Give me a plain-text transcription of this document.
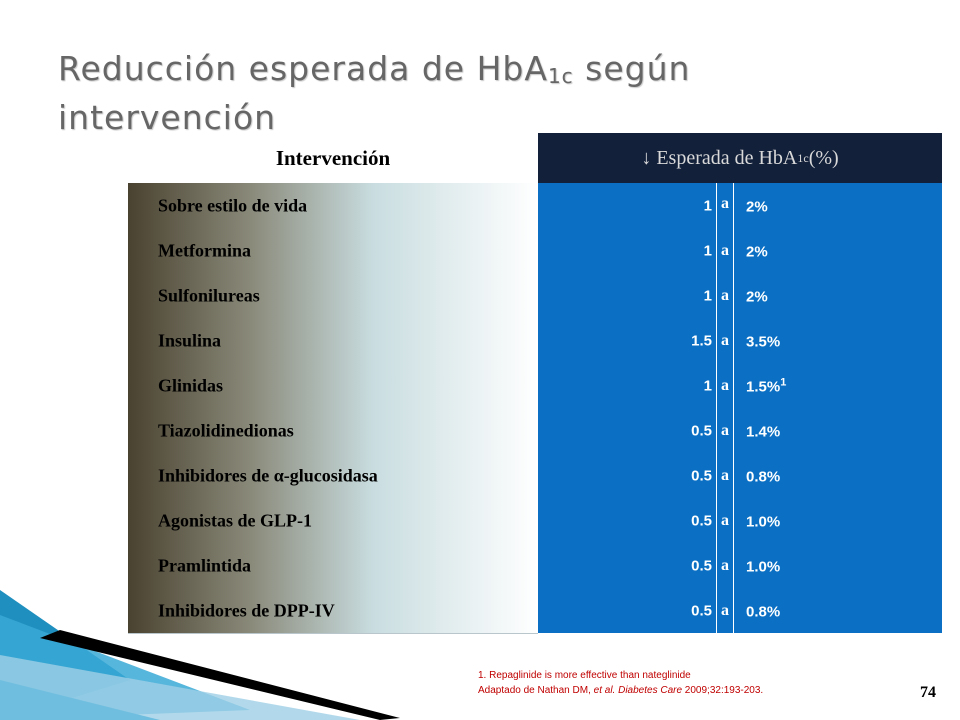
Reducción esperada de HbA$_{1c}$ según intervención
Intervención	↓ Esperada de HbA 1c (%)
Sobre estilo de vida	1 a	2%
Metformina	1 a	2%
Sulfonilureas	1 a	2%
Insulina	1.5 a	3.5%
Glinidas	1 a	1.5%$^1$
Tiazolidinedionas	0.5 a	1.4%
Inhibidores de α-glucosidasa	0.5 a	0.8%
Agonistas de GLP-1	0.5 a	1.0%
Pramlintida	0.5 a	1.0%
Inhibidores de DPP-IV	0.5 a	0.8%
1. Repaglinide is more effective than nateglinide
Adaptado de Nathan DM, et al. Diabetes Care 2009;32:193-203.	74
